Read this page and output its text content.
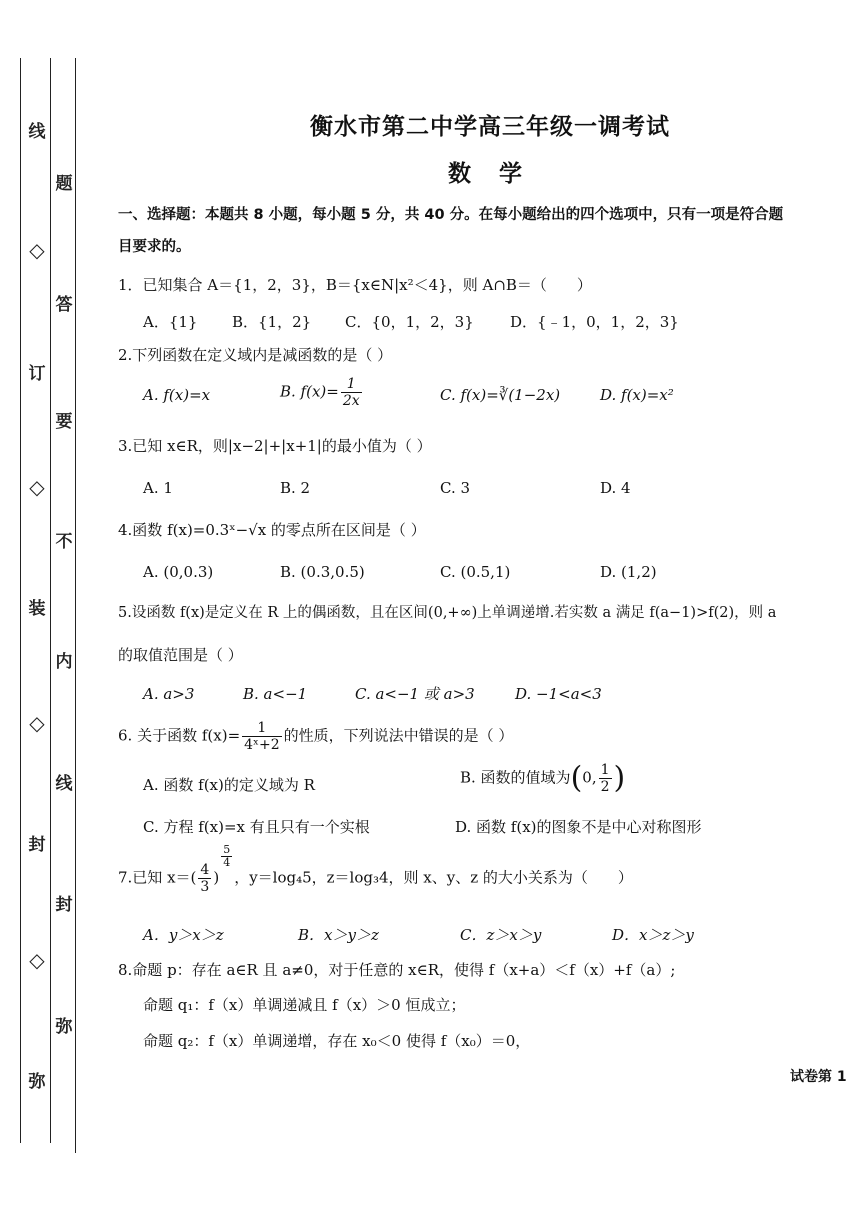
线
◇
订
◇
装
◇
封
◇
弥
题
答
要
不
内
线
封
弥
衡水市第二中学高三年级一调考试
数 学
一、选择题：本题共 8 小题，每小题 5 分，共 40 分。在每小题给出的四个选项中，只有一项是符合题
目要求的。
1．已知集合 A＝{1，2，3}，B＝{x∈N|x²＜4}，则 A∩B＝（　　）
A．{1} B．{1，2} C．{0，1，2，3} D．{﹣1，0，1，2，3}
2.下列函数在定义域内是减函数的是（ ）
A. f(x)=x	B. $f(x)= \frac{1}{2x}$	C. f(x)=∛(1−2x)	D. f(x)=x²
3.已知 x∈R，则|x−2|+|x+1|的最小值为（ ）
A. 1	B. 2	C. 3	D. 4
4.函数 f(x)=0.3ˣ−√x 的零点所在区间是（ ）
A. (0,0.3)	B. (0.3,0.5)	C. (0.5,1)	D. (1,2)
5.设函数 f(x)是定义在 R 上的偶函数，且在区间(0,+∞)上单调递增.若实数 a 满足 f(a−1)>f(2)，则 a
的取值范围是（ ）
A. a>3	B. a<−1	C. a<−1 或 a>3	D. −1<a<3
6. 关于函数 $f(x)= \frac{1}{\text{4ˣ+2}}$ 的性质，下列说法中错误的是（ ）
A. 函数 f(x)的定义域为 R	B. 函数的值域为(0, $\frac{1}{2}$ )
C. 方程 f(x)=x 有且只有一个实根	D. 函数 f(x)的图象不是中心对称图形
7.已知 $x=( \frac{4}{3}$ )
$\frac{5}{4}$
，y＝log₄5，z＝log₃4，则 x、y、z 的大小关系为（　　）
A．y＞x＞z	B．x＞y＞z	C．z＞x＞y	D．x＞z＞y
8.命题 p：存在 a∈R 且 a≠0，对于任意的 x∈R，使得 f（x+a）＜f（x）+f（a）;
命题 q₁：f（x）单调递减且 f（x）＞0 恒成立；
命题 q₂：f（x）单调递增，存在 x₀＜0 使得 f（x₀）＝0，
试卷第 1
